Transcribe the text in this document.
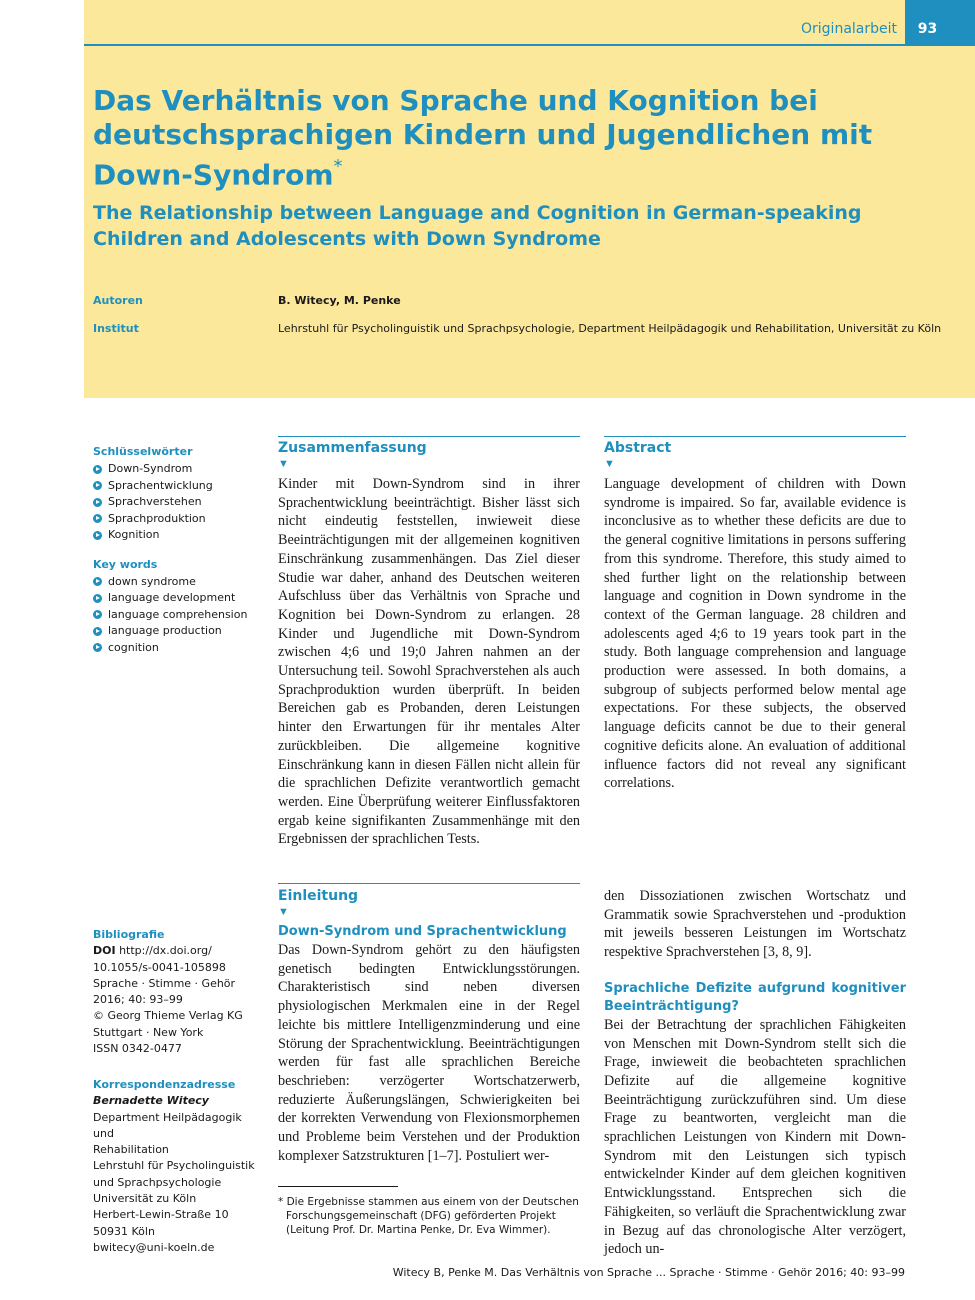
Originalarbeit	93
Das Verhältnis von Sprache und Kognition bei deutschsprachigen Kindern und Jugendlichen mit Down-Syndrom*
The Relationship between Language and Cognition in German-speaking Children and Adolescents with Down Syndrome
Autoren	B. Witecy, M. Penke
Institut	Lehrstuhl für Psycholinguistik und Sprachpsychologie, Department Heilpädagogik und Rehabilitation, Universität zu Köln
Schlüsselwörter
Down-Syndrom
Sprachentwicklung
Sprachverstehen
Sprachproduktion
Kognition
Key words
down syndrome
language development
language comprehension
language production
cognition
Zusammenfassung
▼

Kinder mit Down-Syndrom sind in ihrer Sprachentwicklung beeinträchtigt. Bisher lässt sich nicht eindeutig feststellen, inwieweit diese Beeinträchtigungen mit der allgemeinen kognitiven Einschränkung zusammenhängen. Das Ziel dieser Studie war daher, anhand des Deutschen weiteren Aufschluss über das Verhältnis von Sprache und Kognition bei Down-Syndrom zu erlangen. 28 Kinder und Jugendliche mit Down-Syndrom zwischen 4;6 und 19;0 Jahren nahmen an der Untersuchung teil. Sowohl Sprachverstehen als auch Sprachproduktion wurden überprüft. In beiden Bereichen gab es Probanden, deren Leistungen hinter den Erwartungen für ihr mentales Alter zurückbleiben. Die allgemeine kognitive Einschränkung kann in diesen Fällen nicht allein für die sprachlichen Defizite verantwortlich gemacht werden. Eine Überprüfung weiterer Einflussfaktoren ergab keine signifikanten Zusammenhänge mit den Ergebnissen der sprachlichen Tests.

Abstract
▼

Language development of children with Down syndrome is impaired. So far, available evidence is inconclusive as to whether these deficits are due to the general cognitive limitations in persons suffering from this syndrome. Therefore, this study aimed to shed further light on the relationship between language and cognition in Down syndrome in the context of the German language. 28 children and adolescents aged 4;6 to 19 years took part in the study. Both language comprehension and language production were assessed. In both domains, a subgroup of subjects performed below mental age expectations. For these subjects, the observed language deficits cannot be due to their general cognitive deficits alone. An evaluation of additional influence factors did not reveal any significant correlations.

Bibliografie
DOI http://dx.doi.org/
10.1055/s-0041-105898
Sprache · Stimme · Gehör
2016; 40: 93–99
© Georg Thieme Verlag KG
Stuttgart · New York
ISSN 0342-0477
Korrespondenzadresse
Bernadette Witecy
Department Heilpädagogik und
Rehabilitation
Lehrstuhl für Psycholinguistik
und Sprachpsychologie
Universität zu Köln
Herbert-Lewin-Straße 10
50931 Köln
bwitecy@uni-koeln.de
Einleitung
▼
Down-Syndrom und Sprachentwicklung

Das Down-Syndrom gehört zu den häufigsten genetisch bedingten Entwicklungsstörungen. Charakteristisch sind neben diversen physiologischen Merkmalen eine in der Regel leichte bis mittlere Intelligenzminderung und eine Störung der Sprachentwicklung. Beeinträchtigungen werden für fast alle sprachlichen Bereiche beschrieben: verzögerter Wortschatzerwerb, reduzierte Äußerungslängen, Schwierigkeiten bei der korrekten Verwendung von Flexionsmorphemen und Probleme beim Verstehen und der Produktion komplexer Satzstrukturen [1–7]. Postuliert wer-

den Dissoziationen zwischen Wortschatz und Grammatik sowie Sprachverstehen und -produktion mit jeweils besseren Leistungen im Wortschatz respektive Sprachverstehen [3, 8, 9].

Sprachliche Defizite aufgrund kognitiver Beeinträchtigung?

Bei der Betrachtung der sprachlichen Fähigkeiten von Menschen mit Down-Syndrom stellt sich die Frage, inwieweit die beobachteten sprachlichen Defizite auf die allgemeine kognitive Beeinträchtigung zurückzuführen sind. Um diese Frage zu beantworten, vergleicht man die sprachlichen Leistungen von Kindern mit Down-Syndrom mit den Leistungen sich typisch entwickelnder Kinder auf dem gleichen kognitiven Entwicklungsstand. Entsprechen sich die Fähigkeiten, so verläuft die Sprachentwicklung zwar in Bezug auf das chronologische Alter verzögert, jedoch un-

* Die Ergebnisse stammen aus einem von der Deutschen Forschungsgemeinschaft (DFG) geförderten Projekt (Leitung Prof. Dr. Martina Penke, Dr. Eva Wimmer).
Witecy B, Penke M. Das Verhältnis von Sprache ... Sprache · Stimme · Gehör 2016; 40: 93–99
